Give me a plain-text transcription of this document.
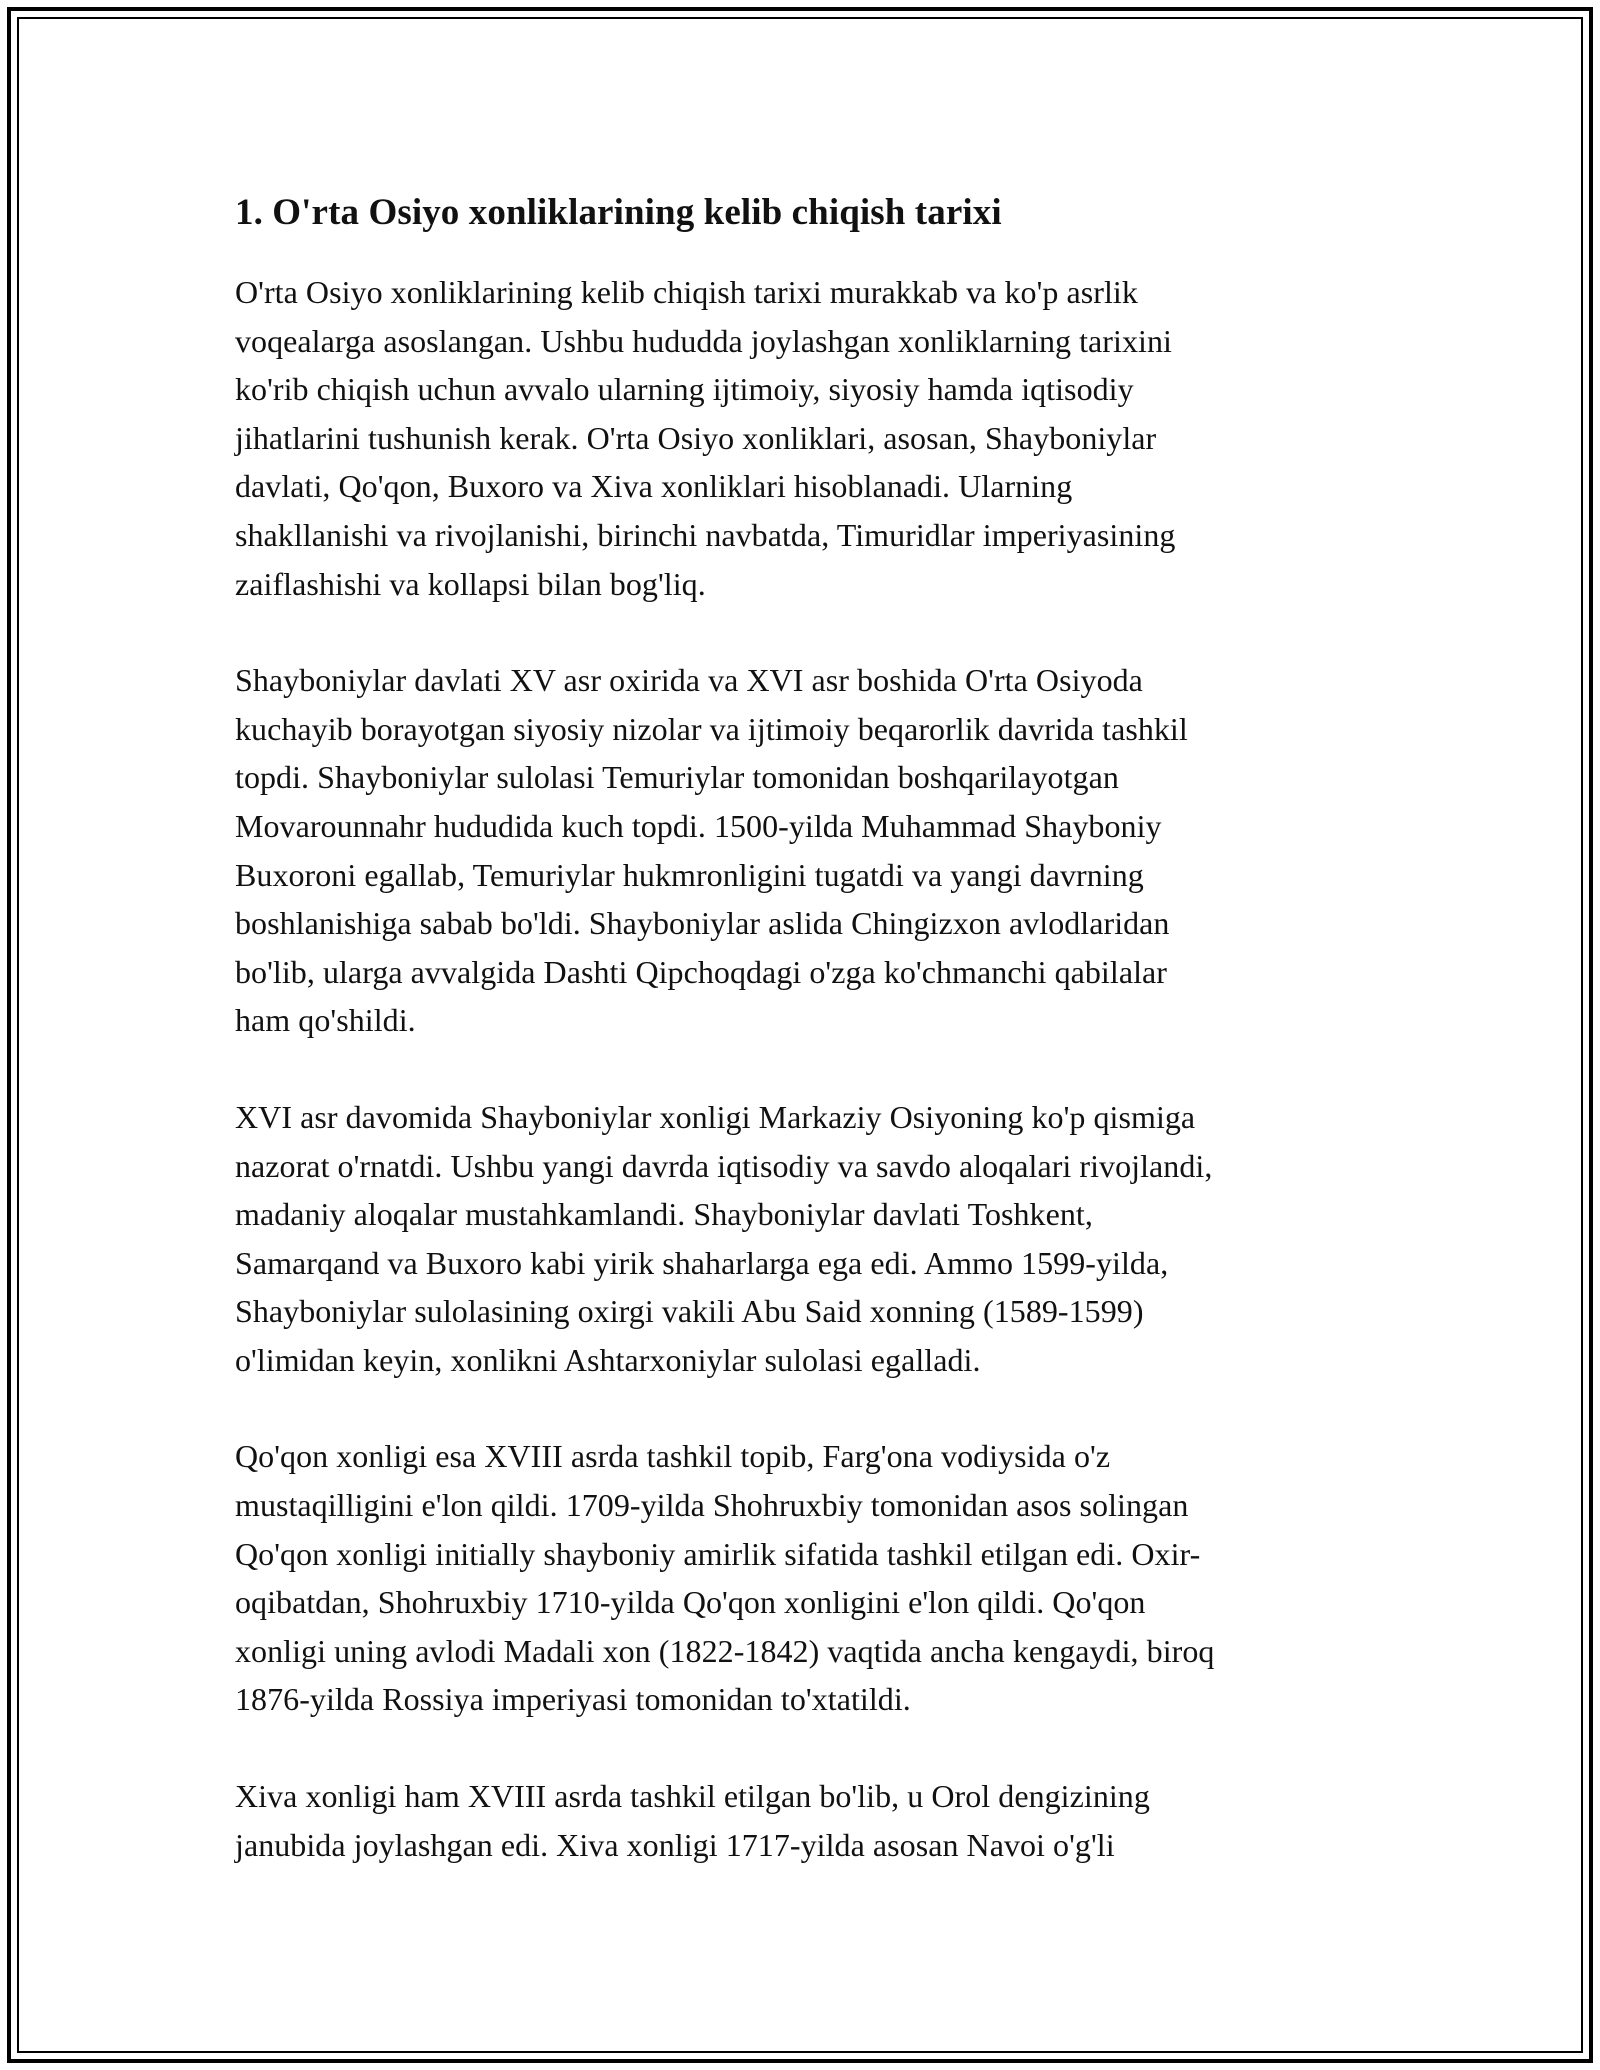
1. O'rta Osiyo xonliklarining kelib chiqish tarixi

O'rta Osiyo xonliklarining kelib chiqish tarixi murakkab va ko'p asrlik
voqealarga asoslangan. Ushbu hududda joylashgan xonliklarning tarixini
ko'rib chiqish uchun avvalo ularning ijtimoiy, siyosiy hamda iqtisodiy
jihatlarini tushunish kerak. O'rta Osiyo xonliklari, asosan, Shayboniylar
davlati, Qo'qon, Buxoro va Xiva xonliklari hisoblanadi. Ularning
shakllanishi va rivojlanishi, birinchi navbatda, Timuridlar imperiyasining
zaiflashishi va kollapsi bilan bog'liq.

Shayboniylar davlati XV asr oxirida va XVI asr boshida O'rta Osiyoda
kuchayib borayotgan siyosiy nizolar va ijtimoiy beqarorlik davrida tashkil
topdi. Shayboniylar sulolasi Temuriylar tomonidan boshqarilayotgan
Movarounnahr hududida kuch topdi. 1500-yilda Muhammad Shayboniy
Buxoroni egallab, Temuriylar hukmronligini tugatdi va yangi davrning
boshlanishiga sabab bo'ldi. Shayboniylar aslida Chingizxon avlodlaridan
bo'lib, ularga avvalgida Dashti Qipchoqdagi o'zga ko'chmanchi qabilalar
ham qo'shildi.

XVI asr davomida Shayboniylar xonligi Markaziy Osiyoning ko'p qismiga
nazorat o'rnatdi. Ushbu yangi davrda iqtisodiy va savdo aloqalari rivojlandi,
madaniy aloqalar mustahkamlandi. Shayboniylar davlati Toshkent,
Samarqand va Buxoro kabi yirik shaharlarga ega edi. Ammo 1599-yilda,
Shayboniylar sulolasining oxirgi vakili Abu Said xonning (1589-1599)
o'limidan keyin, xonlikni Ashtarxoniylar sulolasi egalladi.

Qo'qon xonligi esa XVIII asrda tashkil topib, Farg'ona vodiysida o'z
mustaqilligini e'lon qildi. 1709-yilda Shohruxbiy tomonidan asos solingan
Qo'qon xonligi initially shayboniy amirlik sifatida tashkil etilgan edi. Oxir-
oqibatdan, Shohruxbiy 1710-yilda Qo'qon xonligini e'lon qildi. Qo'qon
xonligi uning avlodi Madali xon (1822-1842) vaqtida ancha kengaydi, biroq
1876-yilda Rossiya imperiyasi tomonidan to'xtatildi.

Xiva xonligi ham XVIII asrda tashkil etilgan bo'lib, u Orol dengizining
janubida joylashgan edi. Xiva xonligi 1717-yilda asosan Navoi o'g'li
